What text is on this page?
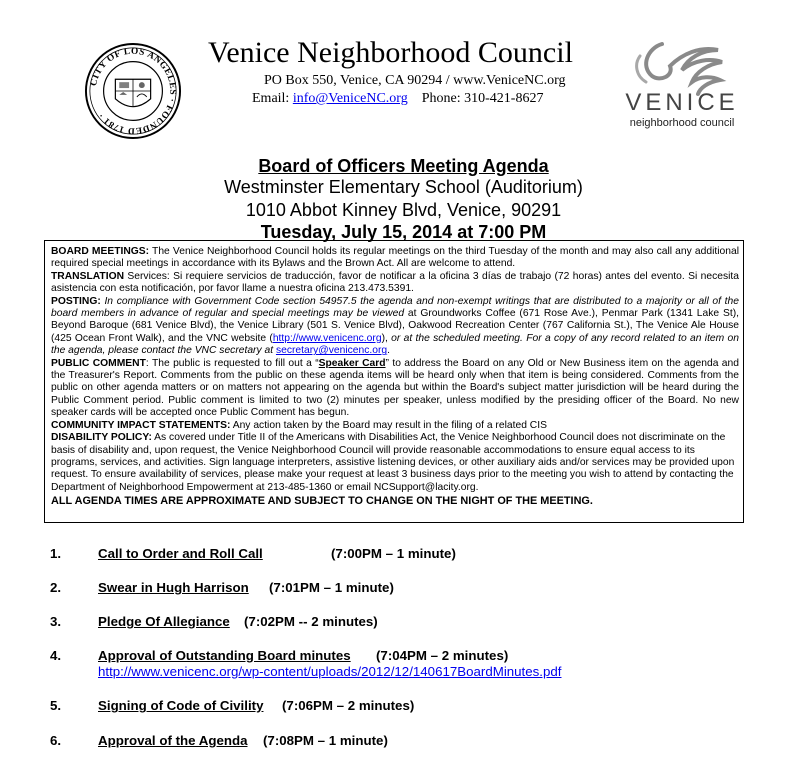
CITY OF LOS ANGELES · FOUNDED 1781 ·	VENICE
neighborhood council
Venice Neighborhood Council
PO Box 550, Venice, CA 90294 / www.VeniceNC.org
Email: info@VeniceNC.org Phone: 310-421-8627
Board of Officers Meeting Agenda
Westminster Elementary School (Auditorium)
1010 Abbot Kinney Blvd, Venice, 90291
Tuesday, July 15, 2014 at 7:00 PM

BOARD MEETINGS: The Venice Neighborhood Council holds its regular meetings on the third Tuesday of the month and may also call any additional required special meetings in accordance with its Bylaws and the Brown Act. All are welcome to attend.

TRANSLATION Services: Si requiere servicios de traducción, favor de notificar a la oficina 3 días de trabajo (72 horas) antes del evento. Si necesita asistencia con esta notificación, por favor llame a nuestra oficina 213.473.5391.

POSTING: In compliance with Government Code section 54957.5 the agenda and non-exempt writings that are distributed to a majority or all of the board members in advance of regular and special meetings may be viewed at Groundworks Coffee (671 Rose Ave.), Penmar Park (1341 Lake St), Beyond Baroque (681 Venice Blvd), the Venice Library (501 S. Venice Blvd), Oakwood Recreation Center (767 California St.), The Venice Ale House (425 Ocean Front Walk), and the VNC website (http://www.venicenc.org), or at the scheduled meeting. For a copy of any record related to an item on the agenda, please contact the VNC secretary at secretary@venicenc.org.

PUBLIC COMMENT: The public is requested to fill out a “Speaker Card” to address the Board on any Old or New Business item on the agenda and the Treasurer's Report. Comments from the public on these agenda items will be heard only when that item is being considered. Comments from the public on other agenda matters or on matters not appearing on the agenda but within the Board's subject matter jurisdiction will be heard during the Public Comment period. Public comment is limited to two (2) minutes per speaker, unless modified by the presiding officer of the Board. No new speaker cards will be accepted once Public Comment has begun.

COMMUNITY IMPACT STATEMENTS: Any action taken by the Board may result in the filing of a related CIS

DISABILITY POLICY: As covered under Title II of the Americans with Disabilities Act, the Venice Neighborhood Council does not discriminate on the basis of disability and, upon request, the Venice Neighborhood Council will provide reasonable accommodations to ensure equal access to its programs, services, and activities. Sign language interpreters, assistive listening devices, or other auxiliary aids and/or services may be provided upon request. To ensure availability of services, please make your request at least 3 business days prior to the meeting you wish to attend by contacting the Department of Neighborhood Empowerment at 213-485-1360 or email NCSupport@lacity.org.

ALL AGENDA TIMES ARE APPROXIMATE AND SUBJECT TO CHANGE ON THE NIGHT OF THE MEETING.

1.	Call to Order and Roll Call	(7:00PM – 1 minute)
2.	Swear in Hugh Harrison (7:01PM – 1 minute)
3.	Pledge Of Allegiance (7:02PM -- 2 minutes)
4.	Approval of Outstanding Board minutes (7:04PM – 2 minutes)
http://www.venicenc.org/wp-content/uploads/2012/12/140617BoardMinutes.pdf
5.	Signing of Code of Civility (7:06PM – 2 minutes)
6.	Approval of the Agenda (7:08PM – 1 minute)
